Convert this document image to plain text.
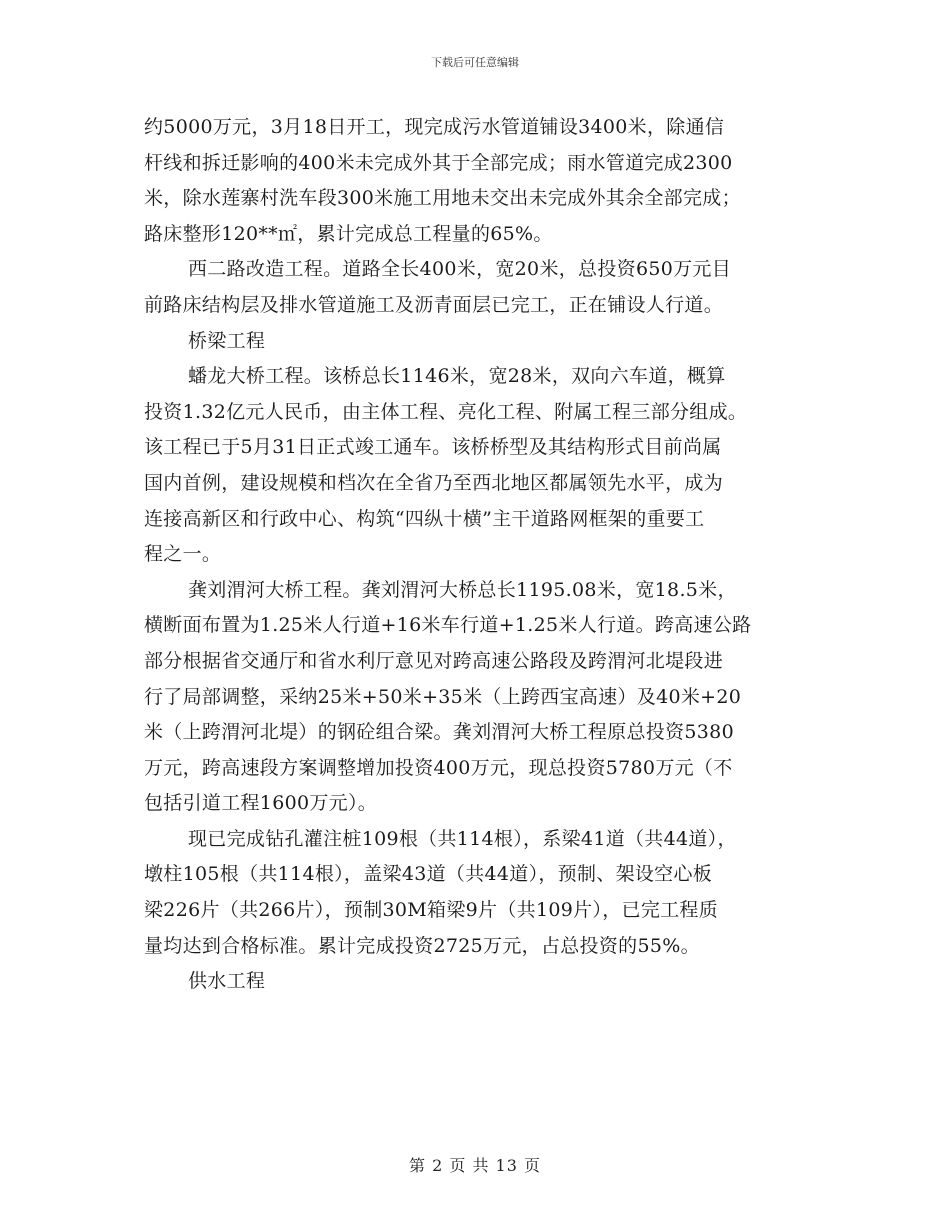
下载后可任意编辑
约5000万元，3月18日开工，现完成污水管道铺设3400米，除通信
杆线和拆迁影响的400米未完成外其于全部完成；雨水管道完成2300
米，除水莲寨村洗车段300米施工用地未交出未完成外其余全部完成；
路床整形120**㎡，累计完成总工程量的65%。
西二路改造工程。道路全长400米，宽20米，总投资650万元目
前路床结构层及排水管道施工及沥青面层已完工，正在铺设人行道。
桥梁工程
蟠龙大桥工程。该桥总长1146米，宽28米，双向六车道，概算
投资1.32亿元人民币，由主体工程、亮化工程、附属工程三部分组成。
该工程已于5月31日正式竣工通车。该桥桥型及其结构形式目前尚属
国内首例，建设规模和档次在全省乃至西北地区都属领先水平，成为
连接高新区和行政中心、构筑“四纵十横”主干道路网框架的重要工
程之一。
龚刘渭河大桥工程。龚刘渭河大桥总长1195.08米，宽18.5米，
横断面布置为1.25米人行道+16米车行道+1.25米人行道。跨高速公路
部分根据省交通厅和省水利厅意见对跨高速公路段及跨渭河北堤段进
行了局部调整，采纳25米+50米+35米（上跨西宝高速）及40米+20
米（上跨渭河北堤）的钢砼组合梁。龚刘渭河大桥工程原总投资5380
万元，跨高速段方案调整增加投资400万元，现总投资5780万元（不
包括引道工程1600万元）。
现已完成钻孔灌注桩109根（共114根），系梁41道（共44道），
墩柱105根（共114根），盖梁43道（共44道），预制、架设空心板
梁226片（共266片），预制30M箱梁9片（共109片），已完工程质
量均达到合格标准。累计完成投资2725万元，占总投资的55%。
供水工程
第 2 页 共 13 页
